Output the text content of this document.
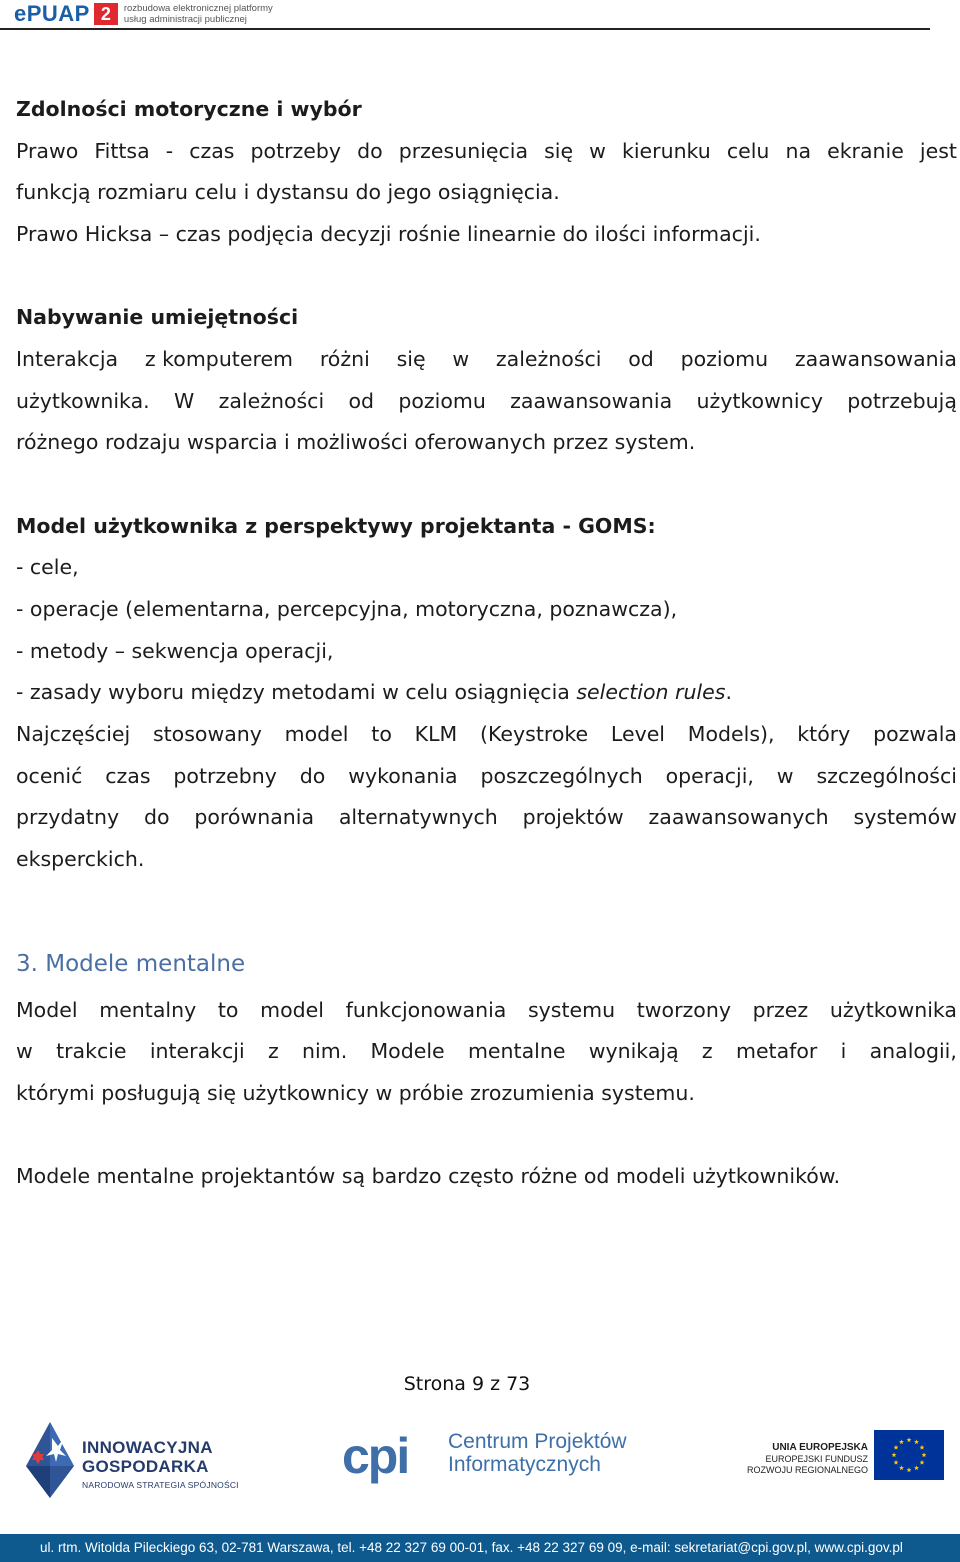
ePUAP 2	rozbudowa elektronicznej platformy
usług administracji publicznej
Zdolności motoryczne i wybór
Prawo Fittsa - czas potrzeby do przesunięcia się w kierunku celu na ekranie jest
funkcją rozmiaru celu i dystansu do jego osiągnięcia.
Prawo Hicksa – czas podjęcia decyzji rośnie linearnie do ilości informacji.
Nabywanie umiejętności
Interakcja z komputerem różni się w zależności od poziomu zaawansowania
użytkownika. W zależności od poziomu zaawansowania użytkownicy potrzebują
różnego rodzaju wsparcia i możliwości oferowanych przez system.
Model użytkownika z perspektywy projektanta - GOMS:
- cele,
- operacje (elementarna, percepcyjna, motoryczna, poznawcza),
- metody – sekwencja operacji,
- zasady wyboru między metodami w celu osiągnięcia selection rules.
Najczęściej stosowany model to KLM (Keystroke Level Models), który pozwala
ocenić czas potrzebny do wykonania poszczególnych operacji, w szczególności
przydatny do porównania alternatywnych projektów zaawansowanych systemów
eksperckich.
3. Modele mentalne
Model mentalny to model funkcjonowania systemu tworzony przez użytkownika
w trakcie interakcji z nim. Modele mentalne wynikają z metafor i analogii,
którymi posługują się użytkownicy w próbie zrozumienia systemu.
Modele mentalne projektantów są bardzo często różne od modeli użytkowników.
Strona 9 z 73
INNOWACYJNA
GOSPODARKA
NARODOWA STRATEGIA SPÓJNOŚCI
cpi Centrum Projektów
Informatycznych
UNIA EUROPEJSKA
EUROPEJSKI FUNDUSZ
ROZWOJU REGIONALNEGO
ul. rtm. Witolda Pileckiego 63, 02-781 Warszawa, tel. +48 22 327 69 00-01, fax. +48 22 327 69 09, e-mail: sekretariat@cpi.gov.pl, www.cpi.gov.pl
